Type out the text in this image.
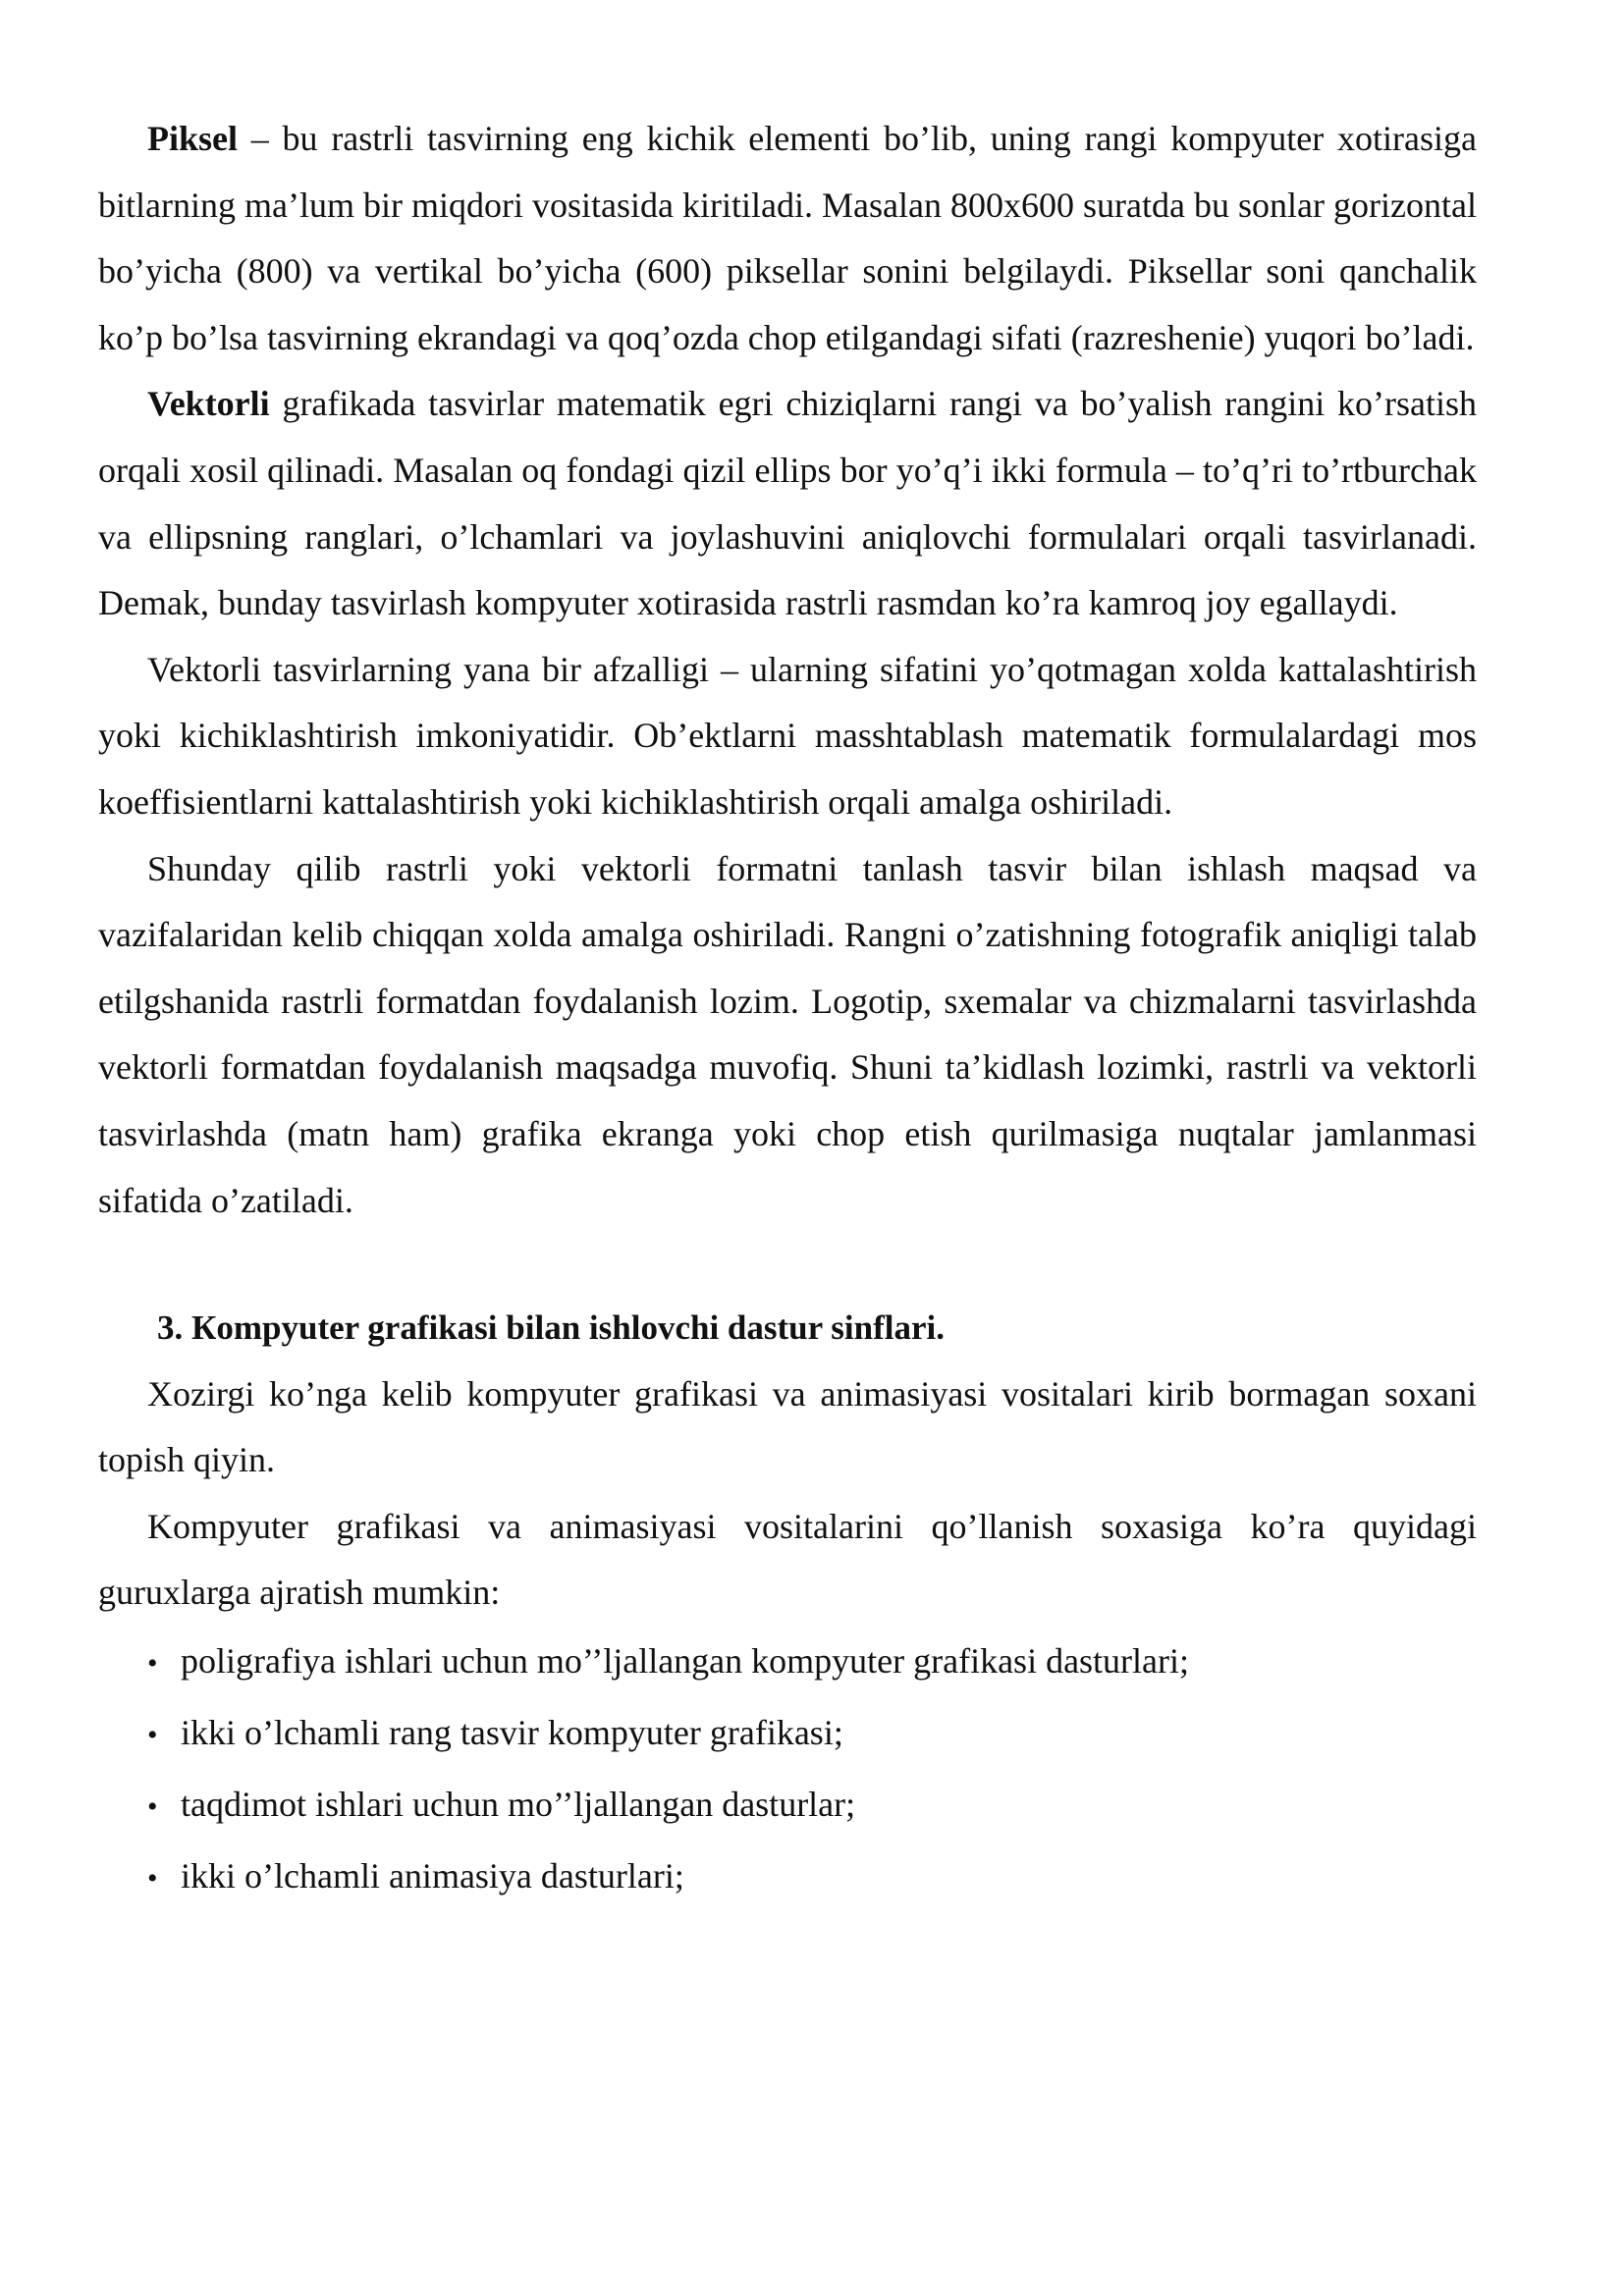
Piksel – bu rastrli tasvirning eng kichik elementi bo’lib, uning rangi kompyuter xotirasiga bitlarning ma’lum bir miqdori vositasida kiritiladi. Masalan 800x600 suratda bu sonlar gorizontal bo’yicha (800) va vertikal bo’yicha (600) piksellar sonini belgilaydi. Piksellar soni qanchalik ko’p bo’lsa tasvirning ekrandagi va qoq’ozda chop etilgandagi sifati (razreshenie) yuqori bo’ladi.

Vektorli grafikada tasvirlar matematik egri chiziqlarni rangi va bo’yalish rangini ko’rsatish orqali xosil qilinadi. Masalan oq fondagi qizil ellips bor yo’q’i ikki formula – to’q’ri to’rtburchak va ellipsning ranglari, o’lchamlari va joylashuvini aniqlovchi formulalari orqali tasvirlanadi. Demak, bunday tasvirlash kompyuter xotirasida rastrli rasmdan ko’ra kamroq joy egallaydi.

Vektorli tasvirlarning yana bir afzalligi – ularning sifatini yo’qotmagan xolda kattalashtirish yoki kichiklashtirish imkoniyatidir. Ob’ektlarni masshtablash matematik formulalardagi mos koeffisientlarni kattalashtirish yoki kichiklashtirish orqali amalga oshiriladi.

Shunday qilib rastrli yoki vektorli formatni tanlash tasvir bilan ishlash maqsad va vazifalaridan kelib chiqqan xolda amalga oshiriladi. Rangni o’zatishning fotografik aniqligi talab etilgshanida rastrli formatdan foydalanish lozim. Logotip, sxemalar va chizmalarni tasvirlashda vektorli formatdan foydalanish maqsadga muvofiq. Shuni ta’kidlash lozimki, rastrli va vektorli tasvirlashda (matn ham) grafika ekranga yoki chop etish qurilmasiga nuqtalar jamlanmasi sifatida o’zatiladi.

3. Кompyuter grafikasi bilan ishlovchi dastur sinflari.

Xozirgi ko’nga kelib kompyuter grafikasi va animasiyasi vositalari kirib bormagan soxani topish qiyin.

Kompyuter grafikasi va animasiyasi vositalarini qo’llanish soxasiga ko’ra quyidagi guruxlarga ajratish mumkin:

• poligrafiya ishlari uchun mo’’ljallangan kompyuter grafikasi dasturlari;
• ikki o’lchamli rang tasvir kompyuter grafikasi;
• taqdimot ishlari uchun mo’’ljallangan dasturlar;
• ikki o’lchamli animasiya dasturlari;
